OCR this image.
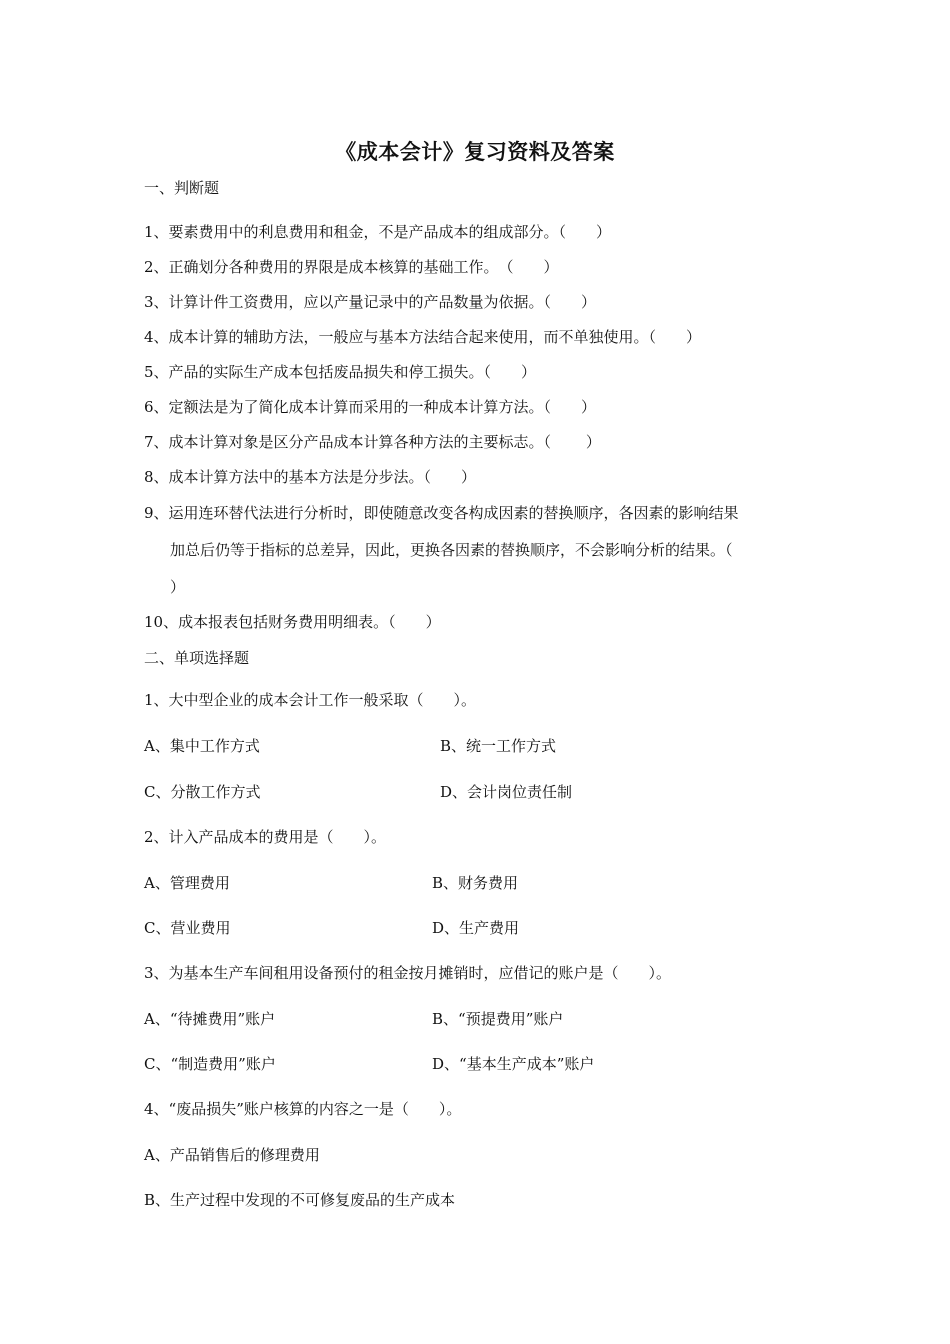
《成本会计》复习资料及答案
一、判断题
1、要素费用中的利息费用和租金，不是产品成本的组成部分。（　　）
2、正确划分各种费用的界限是成本核算的基础工作。　（　　）
3、计算计件工资费用，应以产量记录中的产品数量为依据。（　　）
4、成本计算的辅助方法，一般应与基本方法结合起来使用，而不单独使用。（　　）
5、产品的实际生产成本包括废品损失和停工损失。（　　）
6、定额法是为了简化成本计算而采用的一种成本计算方法。（　　）
7、成本计算对象是区分产品成本计算各种方法的主要标志。（　　 ）
8、成本计算方法中的基本方法是分步法。（　　）
9、运用连环替代法进行分析时，即使随意改变各构成因素的替换顺序，各因素的影响结果
加总后仍等于指标的总差异，因此，更换各因素的替换顺序，不会影响分析的结果。（
）
10、成本报表包括财务费用明细表。（　　）
二、单项选择题
1、大中型企业的成本会计工作一般采取（　　）。
A、集中工作方式	B、统一工作方式
C、分散工作方式	D、会计岗位责任制
2、计入产品成本的费用是（　　）。
A、管理费用	B、财务费用
C、营业费用	D、生产费用
3、为基本生产车间租用设备预付的租金按月摊销时，应借记的账户是（　　）。
A、“待摊费用”账户	B、“预提费用”账户
C、“制造费用”账户	D、“基本生产成本”账户
4、“废品损失”账户核算的内容之一是（　　）。
A、产品销售后的修理费用
B、生产过程中发现的不可修复废品的生产成本
